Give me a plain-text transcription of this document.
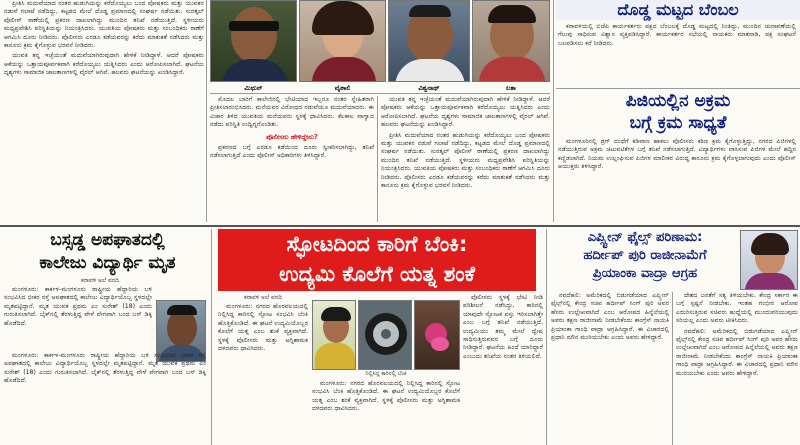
ಪ್ರೀತಿಸಿ ಮದುವೆಯಾದ ನಂತರ ಹುಡುಗಿಯನ್ನು ಕರೆದೊಯ್ಯಲು ಬಂದ ಪೋಷಕರು ಮತ್ತು ಯುವಕನ ನಡುವೆ ಗಲಾಟೆ ನಡೆದಿದ್ದು, ಕಟ್ಟಡದ ಮೇಲೆ ದೊಡ್ಡ ಪ್ರಮಾಣದಲ್ಲಿ ಸಂಘರ್ಷ ನಡೆಯಿತು. ಸುರತ್ಕಲ್ ಪೊಲೀಸ್ ಠಾಣೆಯಲ್ಲಿ ಪ್ರಕರಣ ದಾಖಲಾಗಿದ್ದು ಮುಂದಿನ ತನಿಖೆ ನಡೆಯುತ್ತಿದೆ. ಸ್ಥಳೀಯರು ಮಧ್ಯಪ್ರವೇಶಿಸಿ ಪರಿಸ್ಥಿತಿಯನ್ನು ನಿಯಂತ್ರಿಸಿದರು. ಯುವತಿಯ ಪೋಷಕರು ಮತ್ತು ಸಂಬಂಧಿಕರು ಠಾಣೆಗೆ ಆಗಮಿಸಿ ದೂರು ನೀಡಿದರು. ಪೊಲೀಸರು ಎರಡೂ ಕಡೆಯವರನ್ನು ಕರೆದು ಮಾತುಕತೆ ನಡೆಸಿದರು ಮತ್ತು ಕಾನೂನು ಕ್ರಮ ಕೈಗೊಳ್ಳುವ ಭರವಸೆ ನೀಡಿದರು.

ಯುವತಿ ತನ್ನ ಇಚ್ಛೆಯಂತೆ ಮದುವೆಯಾಗಿರುವುದಾಗಿ ಹೇಳಿಕೆ ನೀಡಿದ್ದಾಳೆ. ಆದರೆ ಪೋಷಕರು ಆಕೆಯನ್ನು ಒತ್ತಾಯಪೂರ್ವಕವಾಗಿ ಕರೆದೊಯ್ಯಲು ಯತ್ನಿಸಿದರು ಎಂದು ಆರೋಪಿಸಲಾಗಿದೆ. ಘಟನೆಯ ದೃಶ್ಯಗಳು ಸಾಮಾಜಿಕ ಜಾಲತಾಣಗಳಲ್ಲಿ ವೈರಲ್ ಆಗಿವೆ. ಹಲವರು ಘಟನೆಯನ್ನು ಖಂಡಿಸಿದ್ದಾರೆ.

ಮಿಥುನ್	ವೈಶಾಲಿ	ವಿಶ್ವನಾಥ್	ಲತಾ

ಮೊದಲ ಬಾರಿಗೆ ಕಾಲೇಜಿನಲ್ಲಿ ಭೇಟಿಯಾದ ಇಬ್ಬರೂ ನಂತರ ಸ್ನೇಹಿತರಾಗಿ ಪ್ರೀತಿಸಲಾರಂಭಿಸಿದರು. ಮನೆಯವರ ವಿರೋಧದ ನಡುವೆಯೂ ಮದುವೆಯಾದರು. ಈ ವಿಚಾರ ತಿಳಿದ ಯುವತಿಯ ಮನೆಯವರು ಸ್ಥಳಕ್ಕೆ ಧಾವಿಸಿದರು. ಕೆಲಕಾಲ ವಾಗ್ವಾದ ನಡೆದು ಪರಿಸ್ಥಿತಿ ಉದ್ವಿಗ್ನಗೊಂಡಿತು.

ಪೊಲೀಸರು ಹೇಳಿದ್ದೇನು?

ಪ್ರಕರಣದ ಬಗ್ಗೆ ಎರಡೂ ಕಡೆಯಿಂದ ದೂರು ಸ್ವೀಕರಿಸಲಾಗಿದ್ದು, ತನಿಖೆ ನಡೆಸಲಾಗುತ್ತಿದೆ ಎಂದು ಪೊಲೀಸ್ ಅಧಿಕಾರಿಗಳು ತಿಳಿಸಿದ್ದಾರೆ.

ಯುವತಿ ತನ್ನ ಇಚ್ಛೆಯಂತೆ ಮದುವೆಯಾಗಿರುವುದಾಗಿ ಹೇಳಿಕೆ ನೀಡಿದ್ದಾಳೆ. ಆದರೆ ಪೋಷಕರು ಆಕೆಯನ್ನು ಒತ್ತಾಯಪೂರ್ವಕವಾಗಿ ಕರೆದೊಯ್ಯಲು ಯತ್ನಿಸಿದರು ಎಂದು ಆರೋಪಿಸಲಾಗಿದೆ. ಘಟನೆಯ ದೃಶ್ಯಗಳು ಸಾಮಾಜಿಕ ಜಾಲತಾಣಗಳಲ್ಲಿ ವೈರಲ್ ಆಗಿವೆ. ಹಲವರು ಘಟನೆಯನ್ನು ಖಂಡಿಸಿದ್ದಾರೆ.

ಪ್ರೀತಿಸಿ ಮದುವೆಯಾದ ನಂತರ ಹುಡುಗಿಯನ್ನು ಕರೆದೊಯ್ಯಲು ಬಂದ ಪೋಷಕರು ಮತ್ತು ಯುವಕನ ನಡುವೆ ಗಲಾಟೆ ನಡೆದಿದ್ದು, ಕಟ್ಟಡದ ಮೇಲೆ ದೊಡ್ಡ ಪ್ರಮಾಣದಲ್ಲಿ ಸಂಘರ್ಷ ನಡೆಯಿತು. ಸುರತ್ಕಲ್ ಪೊಲೀಸ್ ಠಾಣೆಯಲ್ಲಿ ಪ್ರಕರಣ ದಾಖಲಾಗಿದ್ದು ಮುಂದಿನ ತನಿಖೆ ನಡೆಯುತ್ತಿದೆ. ಸ್ಥಳೀಯರು ಮಧ್ಯಪ್ರವೇಶಿಸಿ ಪರಿಸ್ಥಿತಿಯನ್ನು ನಿಯಂತ್ರಿಸಿದರು. ಯುವತಿಯ ಪೋಷಕರು ಮತ್ತು ಸಂಬಂಧಿಕರು ಠಾಣೆಗೆ ಆಗಮಿಸಿ ದೂರು ನೀಡಿದರು. ಪೊಲೀಸರು ಎರಡೂ ಕಡೆಯವರನ್ನು ಕರೆದು ಮಾತುಕತೆ ನಡೆಸಿದರು ಮತ್ತು ಕಾನೂನು ಕ್ರಮ ಕೈಗೊಳ್ಳುವ ಭರವಸೆ ನೀಡಿದರು.

ದೊಡ್ಡ ಮಟ್ಟದ ಬೆಂಬಲ

ಕರಾವಳಿಯಲ್ಲಿ ಬಿಜೆಪಿ ಕಾರ್ಯಕರ್ತರು ಪಕ್ಷದ ಬೆಂಬಲಕ್ಕೆ ದೊಡ್ಡ ಮಟ್ಟದಲ್ಲಿ ನಿಂತಿದ್ದು, ಮುಂದಿನ ಚುನಾವಣೆಯಲ್ಲಿ ಗೆಲುವು ಸಾಧಿಸುವ ವಿಶ್ವಾಸ ವ್ಯಕ್ತಪಡಿಸಿದ್ದಾರೆ. ಕಾರ್ಯಕರ್ತರ ಸಭೆಯಲ್ಲಿ ನಾಯಕರು ಮಾತನಾಡಿ, ಪಕ್ಷ ಸಂಘಟನೆ ಬಲಪಡಿಸಲು ಕರೆ ನೀಡಿದರು.

ಪಿಜಿಯಲ್ಲಿನ ಅಕ್ರಮ
ಬಗ್ಗೆ ಕ್ರಮ ಸಾಧ್ಯತೆ

ಮಂಗಳೂರಿನಲ್ಲಿ ಡ್ರಗ್ ದಂಧೆಗೆ ಕಡಿವಾಣ ಹಾಕಲು ಪೊಲೀಸರು ಕಠಿಣ ಕ್ರಮ ಕೈಗೊಳ್ಳುತ್ತಿದ್ದು, ನಗರದ ಪಿಜಿಗಳಲ್ಲಿ ನಡೆಯುತ್ತಿರುವ ಅಕ್ರಮ ಚಟುವಟಿಕೆಗಳ ಬಗ್ಗೆ ತನಿಖೆ ನಡೆಸಲಾಗುತ್ತಿದೆ. ವಿದ್ಯಾರ್ಥಿಗಳು ವಾಸಿಸುವ ಪಿಜಿಗಳ ಮೇಲೆ ಹದ್ದಿನ ಕಣ್ಣಿಡಲಾಗಿದೆ. ನಿಯಮ ಉಲ್ಲಂಘಿಸುವ ಪಿಜಿಗಳ ಮಾಲೀಕರ ವಿರುದ್ಧ ಕಾನೂನು ಕ್ರಮ ಕೈಗೊಳ್ಳಲಾಗುವುದು ಎಂದು ಪೊಲೀಸ್ ಆಯುಕ್ತರು ತಿಳಿಸಿದ್ದಾರೆ.

ಬಸ್ಸಡ್ಡ ಅಪಘಾತದಲ್ಲಿ
ಕಾಲೇಜು ವಿದ್ಯಾರ್ಥಿ ಮೃತ
ಕರಾವಳಿ ಅಲೆ ವರದಿ

ಮಂಗಳೂರು: ಕಾರ್ಕಳ-ಮಂಗಳೂರು ರಾಷ್ಟ್ರೀಯ ಹೆದ್ದಾರಿಯ ಬಳಿ ಸಂಭವಿಸಿದ ಭೀಕರ ರಸ್ತೆ ಅಪಘಾತದಲ್ಲಿ ಕಾಲೇಜು ವಿದ್ಯಾರ್ಥಿಯೊಬ್ಬ ಸ್ಥಳದಲ್ಲೇ ಮೃತಪಟ್ಟಿದ್ದಾನೆ. ಮೃತ ಯುವಕ ಪ್ರಥಮ ಎಂ ಸುರೇಶ್ (18) ಎಂದು ಗುರುತಿಸಲಾಗಿದೆ. ಬೈಕ್‌ನಲ್ಲಿ ತೆರಳುತ್ತಿದ್ದ ವೇಳೆ ವೇಗವಾಗಿ ಬಂದ ಬಸ್ ಡಿಕ್ಕಿ ಹೊಡೆದಿದೆ.

ಮಂಗಳೂರು: ಕಾರ್ಕಳ-ಮಂಗಳೂರು ರಾಷ್ಟ್ರೀಯ ಹೆದ್ದಾರಿಯ ಬಳಿ ಸಂಭವಿಸಿದ ಭೀಕರ ರಸ್ತೆ ಅಪಘಾತದಲ್ಲಿ ಕಾಲೇಜು ವಿದ್ಯಾರ್ಥಿಯೊಬ್ಬ ಸ್ಥಳದಲ್ಲೇ ಮೃತಪಟ್ಟಿದ್ದಾನೆ. ಮೃತ ಯುವಕ ಪ್ರಥಮ ಎಂ ಸುರೇಶ್ (18) ಎಂದು ಗುರುತಿಸಲಾಗಿದೆ. ಬೈಕ್‌ನಲ್ಲಿ ತೆರಳುತ್ತಿದ್ದ ವೇಳೆ ವೇಗವಾಗಿ ಬಂದ ಬಸ್ ಡಿಕ್ಕಿ ಹೊಡೆದಿದೆ.

ಸ್ಫೋಟದಿಂದ ಕಾರಿಗೆ ಬೆಂಕಿ:
ಉದ್ಯಮಿ ಕೊಲೆಗೆ ಯತ್ನ ಶಂಕೆ
ಕರಾವಳಿ ಅಲೆ ವರದಿ

ಮಂಗಳೂರು: ನಗರದ ಹೊರವಲಯದಲ್ಲಿ ನಿಲ್ಲಿಸಿದ್ದ ಕಾರಿನಲ್ಲಿ ಸ್ಫೋಟ ಸಂಭವಿಸಿ ಬೆಂಕಿ ಹೊತ್ತಿಕೊಂಡಿದೆ. ಈ ಘಟನೆ ಉದ್ಯಮಿಯೊಬ್ಬರ ಕೊಲೆಗೆ ಯತ್ನ ಎಂಬ ಶಂಕೆ ವ್ಯಕ್ತವಾಗಿದೆ. ಸ್ಥಳಕ್ಕೆ ಪೊಲೀಸರು ಮತ್ತು ಅಗ್ನಿಶಾಮಕ ದಳದವರು ಧಾವಿಸಿದರು.

ನಿಲ್ಲಿಸಿದ್ದ ಕಾರಿನಲ್ಲಿ ಬೆಂಕಿ

ಮಂಗಳೂರು: ನಗರದ ಹೊರವಲಯದಲ್ಲಿ ನಿಲ್ಲಿಸಿದ್ದ ಕಾರಿನಲ್ಲಿ ಸ್ಫೋಟ ಸಂಭವಿಸಿ ಬೆಂಕಿ ಹೊತ್ತಿಕೊಂಡಿದೆ. ಈ ಘಟನೆ ಉದ್ಯಮಿಯೊಬ್ಬರ ಕೊಲೆಗೆ ಯತ್ನ ಎಂಬ ಶಂಕೆ ವ್ಯಕ್ತವಾಗಿದೆ. ಸ್ಥಳಕ್ಕೆ ಪೊಲೀಸರು ಮತ್ತು ಅಗ್ನಿಶಾಮಕ ದಳದವರು ಧಾವಿಸಿದರು.

ಪೊಲೀಸರು ಸ್ಥಳಕ್ಕೆ ಭೇಟಿ ನೀಡಿ ಪರಿಶೀಲನೆ ನಡೆಸಿದ್ದು, ಕಾರಿನಲ್ಲಿ ಯಾವುದೇ ಸ್ಫೋಟಕ ವಸ್ತು ಇರಿಸಲಾಗಿತ್ತೇ ಎಂಬ ಬಗ್ಗೆ ತನಿಖೆ ನಡೆಯುತ್ತಿದೆ. ಉದ್ಯಮಿಯು ತಮ್ಮ ಮೇಲೆ ದ್ವೇಷ ಸಾಧಿಸುತ್ತಿರುವವರ ಬಗ್ಗೆ ದೂರು ನೀಡಿದ್ದಾರೆ. ಘಟನೆಯ ಹಿಂದೆ ಯಾರಿದ್ದಾರೆ ಎಂಬುದು ತನಿಖೆಯ ನಂತರ ತಿಳಿಯಲಿದೆ.

ಎಪ್ಸ್ಟೀನ್ ಫೈಲ್ಸ್ ಪರಿಣಾಮ:
ಹರ್ದೀಪ್ ಪುರಿ ರಾಜೀನಾಮೆಗೆ
ಪ್ರಿಯಾಂಕಾ ವಾದ್ರಾ ಆಗ್ರಹ

ನವದೆಹಲಿ: ಅಮೆರಿಕದಲ್ಲಿ ಬಿಡುಗಡೆಯಾದ ಎಪ್ಸ್ಟೀನ್ ಫೈಲ್ಸ್‌ನಲ್ಲಿ ಕೇಂದ್ರ ಸಚಿವ ಹರ್ದೀಪ್ ಸಿಂಗ್ ಪುರಿ ಅವರ ಹೆಸರು ಉಲ್ಲೇಖವಾಗಿದೆ ಎಂಬ ಆರೋಪದ ಹಿನ್ನೆಲೆಯಲ್ಲಿ ಅವರು ತಕ್ಷಣ ರಾಜೀನಾಮೆ ನೀಡಬೇಕೆಂದು ಕಾಂಗ್ರೆಸ್ ನಾಯಕಿ ಪ್ರಿಯಾಂಕಾ ಗಾಂಧಿ ವಾದ್ರಾ ಆಗ್ರಹಿಸಿದ್ದಾರೆ. ಈ ವಿಚಾರದಲ್ಲಿ ಪ್ರಧಾನಿ ಮೌನ ಮುರಿಯಬೇಕು ಎಂದು ಅವರು ಹೇಳಿದ್ದಾರೆ.

ದೇಶದ ಜನತೆಗೆ ಸತ್ಯ ತಿಳಿಯಬೇಕು. ಕೇಂದ್ರ ಸರ್ಕಾರ ಈ ಬಗ್ಗೆ ಸ್ಪಷ್ಟನೆ ನೀಡಬೇಕು. ಇಂತಹ ಗಂಭೀರ ಆರೋಪ ಎದುರಿಸುತ್ತಿರುವ ಸಚಿವರು ಹುದ್ದೆಯಲ್ಲಿ ಮುಂದುವರಿಯುವುದು ಸರಿಯಲ್ಲ ಎಂದು ಅವರು ಟೀಕಿಸಿದರು.

ನವದೆಹಲಿ: ಅಮೆರಿಕದಲ್ಲಿ ಬಿಡುಗಡೆಯಾದ ಎಪ್ಸ್ಟೀನ್ ಫೈಲ್ಸ್‌ನಲ್ಲಿ ಕೇಂದ್ರ ಸಚಿವ ಹರ್ದೀಪ್ ಸಿಂಗ್ ಪುರಿ ಅವರ ಹೆಸರು ಉಲ್ಲೇಖವಾಗಿದೆ ಎಂಬ ಆರೋಪದ ಹಿನ್ನೆಲೆಯಲ್ಲಿ ಅವರು ತಕ್ಷಣ ರಾಜೀನಾಮೆ ನೀಡಬೇಕೆಂದು ಕಾಂಗ್ರೆಸ್ ನಾಯಕಿ ಪ್ರಿಯಾಂಕಾ ಗಾಂಧಿ ವಾದ್ರಾ ಆಗ್ರಹಿಸಿದ್ದಾರೆ. ಈ ವಿಚಾರದಲ್ಲಿ ಪ್ರಧಾನಿ ಮೌನ ಮುರಿಯಬೇಕು ಎಂದು ಅವರು ಹೇಳಿದ್ದಾರೆ.
